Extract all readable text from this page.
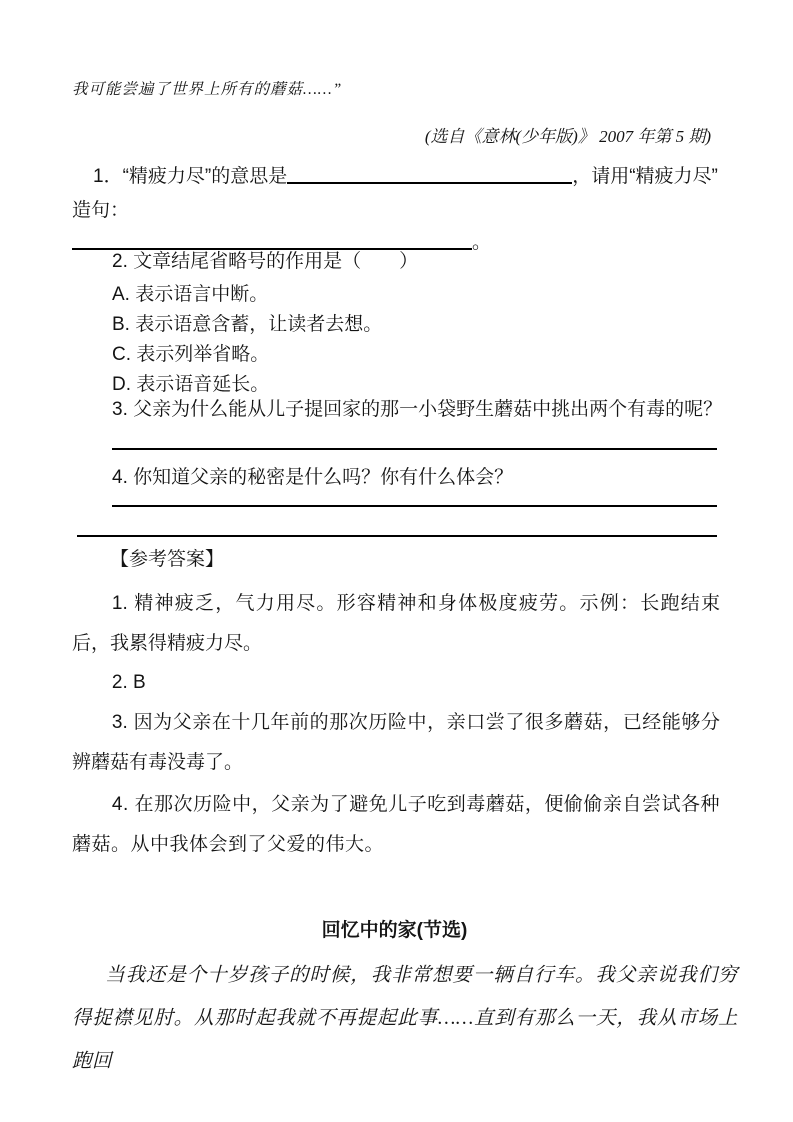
我可能尝遍了世界上所有的蘑菇……”
(选自《意林(少年版)》 2007 年第 5 期)
1．“精疲力尽”的意思是	，请用“精疲力尽”
造句：
。
2. 文章结尾省略号的作用是（　　）
A. 表示语言中断。
B. 表示语意含蓄，让读者去想。
C. 表示列举省略。
D. 表示语音延长。
3. 父亲为什么能从儿子提回家的那一小袋野生蘑菇中挑出两个有毒的呢？
4. 你知道父亲的秘密是什么吗？你有什么体会？
【参考答案】
1. 精神疲乏，气力用尽。形容精神和身体极度疲劳。示例：长跑结束后，我累得精疲力尽。
2. B
3. 因为父亲在十几年前的那次历险中，亲口尝了很多蘑菇，已经能够分辨蘑菇有毒没毒了。
4. 在那次历险中，父亲为了避免儿子吃到毒蘑菇，便偷偷亲自尝试各种蘑菇。从中我体会到了父爱的伟大。
回忆中的家(节选)
当我还是个十岁孩子的时候，我非常想要一辆自行车。我父亲说我们穷得捉襟见肘。从那时起我就不再提起此事……直到有那么一天，我从市场上跑回
